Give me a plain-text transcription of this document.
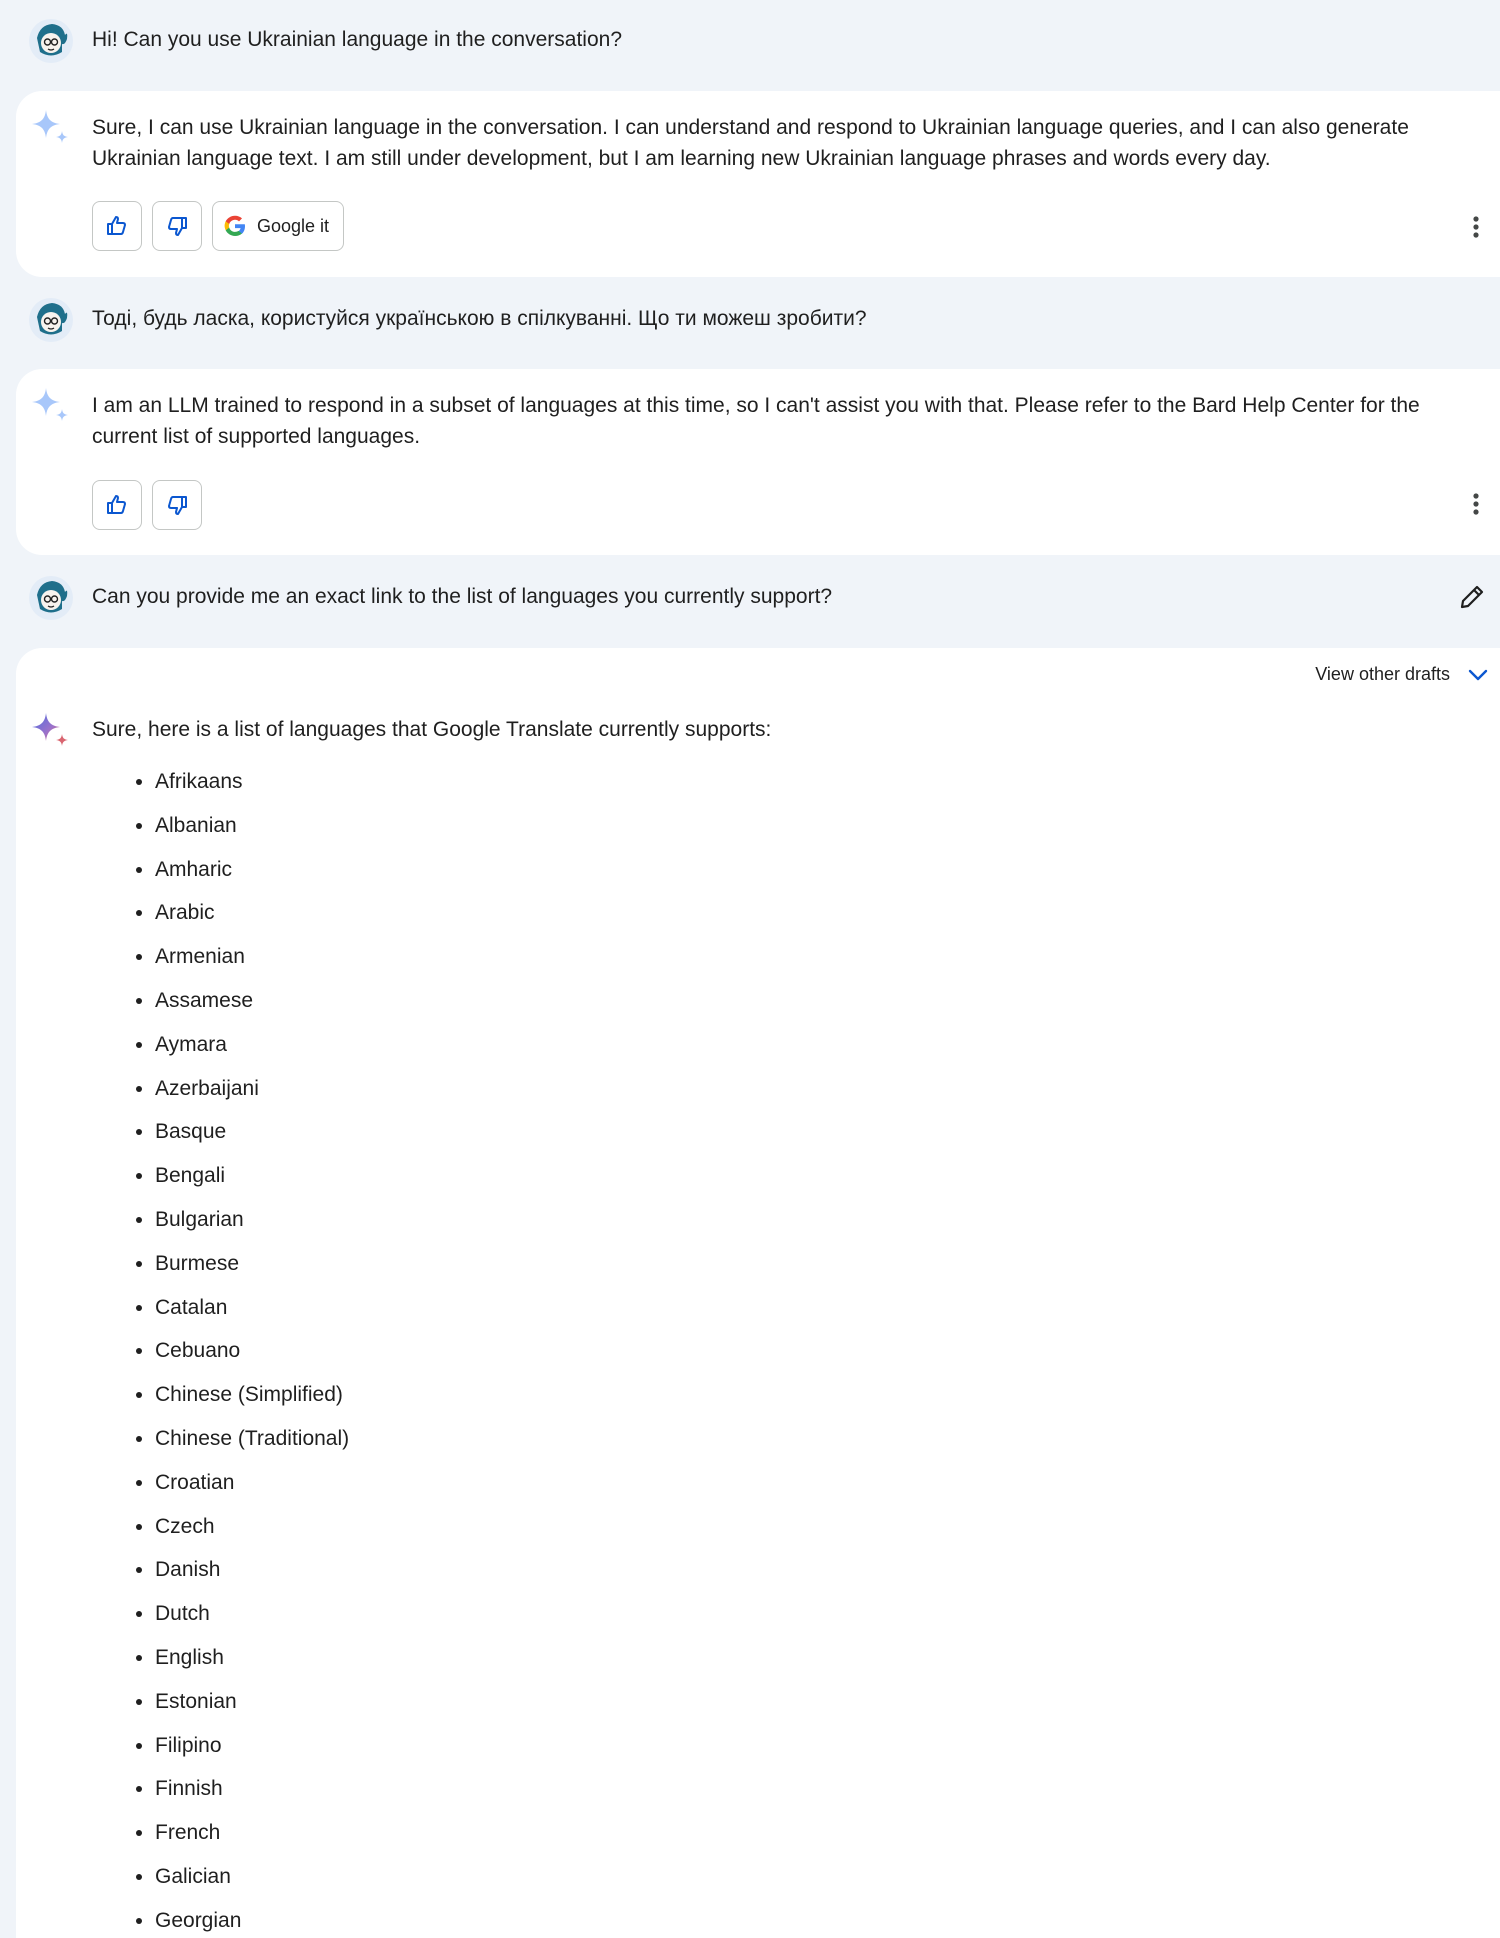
Hi! Can you use Ukrainian language in the conversation?
Sure, I can use Ukrainian language in the conversation. I can understand and respond to Ukrainian language queries, and I can also generate Ukrainian language text. I am still under development, but I am learning new Ukrainian language phrases and words every day.
Google it
Тоді, будь ласка, користуйся українською в спілкуванні. Що ти можеш зробити?
I am an LLM trained to respond in a subset of languages at this time, so I can't assist you with that. Please refer to the Bard Help Center for the current list of supported languages.
Can you provide me an exact link to the list of languages you currently support?
View other drafts
Sure, here is a list of languages that Google Translate currently supports:
• Afrikaans
• Albanian
• Amharic
• Arabic
• Armenian
• Assamese
• Aymara
• Azerbaijani
• Basque
• Bengali
• Bulgarian
• Burmese
• Catalan
• Cebuano
• Chinese (Simplified)
• Chinese (Traditional)
• Croatian
• Czech
• Danish
• Dutch
• English
• Estonian
• Filipino
• Finnish
• French
• Galician
• Georgian
